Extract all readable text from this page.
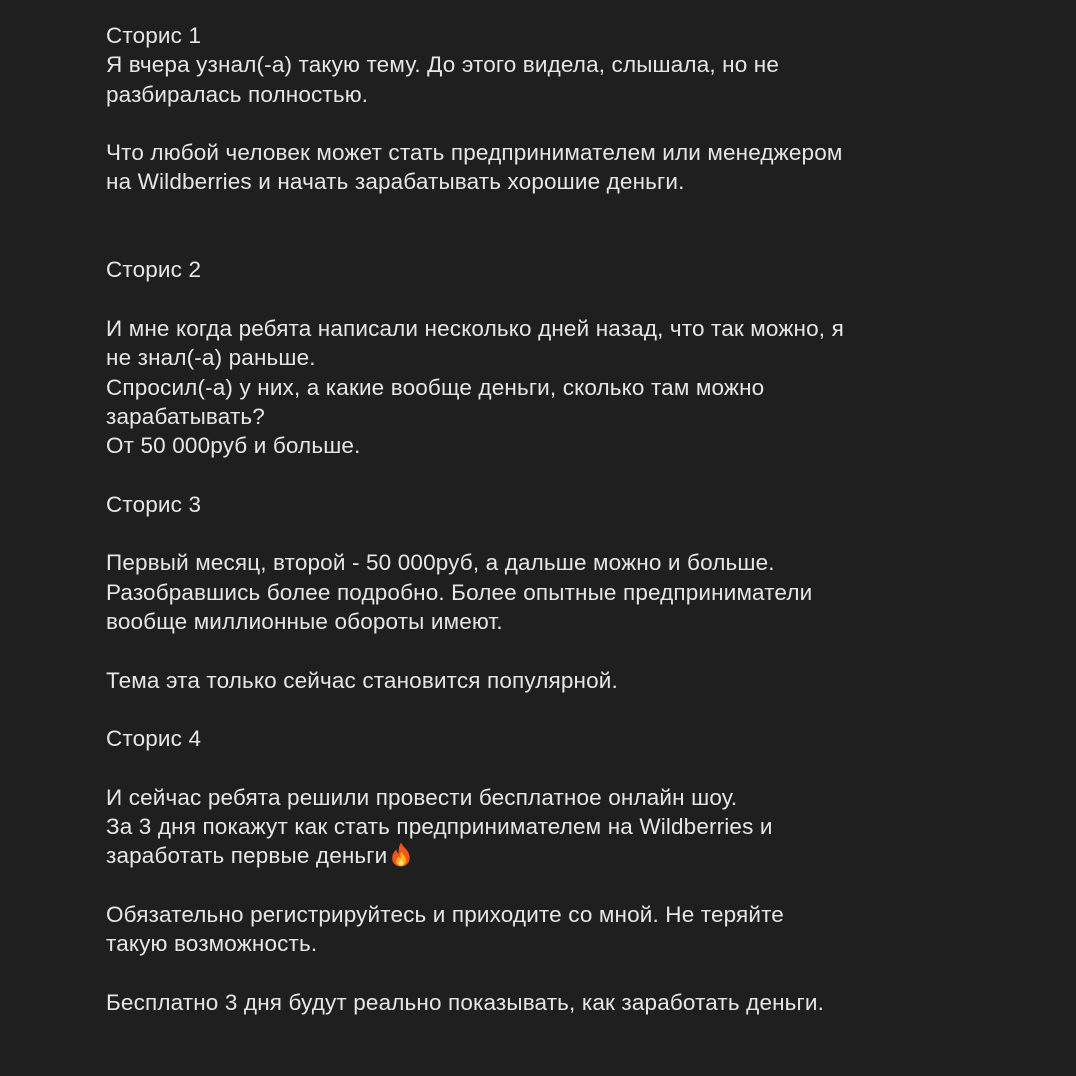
Сторис 1
Я вчера узнал(-а) такую тему. До этого видела, слышала, но не
разбиралась полностью.
Что любой человек может стать предпринимателем или менеджером
на Wildberries и начать зарабатывать хорошие деньги.
Сторис 2
И мне когда ребята написали несколько дней назад, что так можно, я
не знал(-а) раньше.
Спросил(-а) у них, а какие вообще деньги, сколько там можно
зарабатывать?
От 50 000руб и больше.
Сторис 3
Первый месяц, второй - 50 000руб, а дальше можно и больше.
Разобравшись более подробно. Более опытные предприниматели
вообще миллионные обороты имеют.
Тема эта только сейчас становится популярной.
Сторис 4
И сейчас ребята решили провести бесплатное онлайн шоу.
За 3 дня покажут как стать предпринимателем на Wildberries и
заработать первые деньги
Обязательно регистрируйтесь и приходите со мной. Не теряйте
такую возможность.
Бесплатно 3 дня будут реально показывать, как заработать деньги.
